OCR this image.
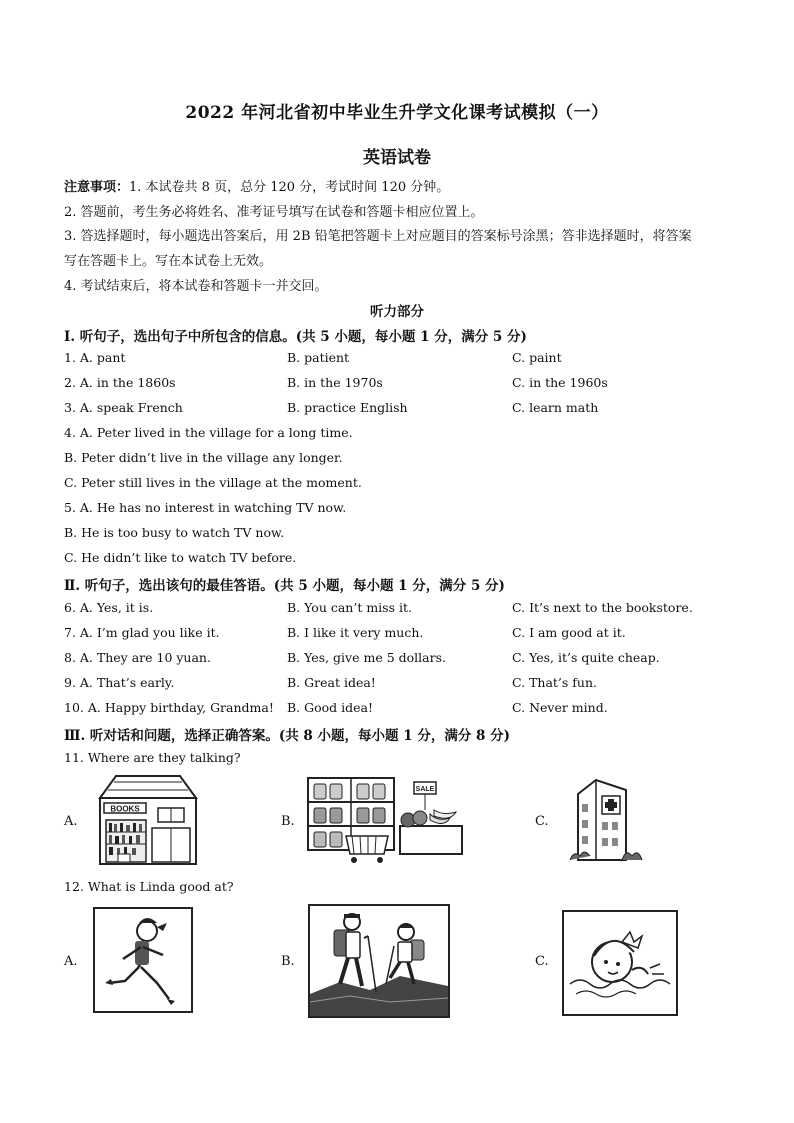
2022 年河北省初中毕业生升学文化课考试模拟（一）
英语试卷
注意事项：1. 本试卷共 8 页，总分 120 分，考试时间 120 分钟。
2. 答题前，考生务必将姓名、准考证号填写在试卷和答题卡相应位置上。
3. 答选择题时，每小题选出答案后，用 2B 铅笔把答题卡上对应题目的答案标号涂黑；答非选择题时，将答案
写在答题卡上。写在本试卷上无效。
4. 考试结束后，将本试卷和答题卡一并交回。
听力部分
Ⅰ. 听句子，选出句子中所包含的信息。(共 5 小题，每小题 1 分，满分 5 分)
1. A. pant	B. patient	C. paint
2. A. in the 1860s	B. in the 1970s	C. in the 1960s
3. A. speak French	B. practice English	C. learn math
4. A. Peter lived in the village for a long time.
B. Peter didn’t live in the village any longer.
C. Peter still lives in the village at the moment.
5. A. He has no interest in watching TV now.
B. He is too busy to watch TV now.
C. He didn’t like to watch TV before.
Ⅱ. 听句子，选出该句的最佳答语。(共 5 小题，每小题 1 分，满分 5 分)
6. A. Yes, it is.	B. You can’t miss it.	C. It’s next to the bookstore.
7. A. I’m glad you like it.	B. I like it very much.	C. I am good at it.
8. A. They are 10 yuan.	B. Yes, give me 5 dollars.	C. Yes, it’s quite cheap.
9. A. That’s early.	B. Great idea!	C. That’s fun.
10. A. Happy birthday, Grandma! B. Good idea!	C. Never mind.
Ⅲ. 听对话和问题，选择正确答案。(共 8 小题，每小题 1 分，满分 8 分)
11. Where are they talking?
A.
BOOKS
B.
SALE
C.
12. What is Linda good at?
A.	B.	C.
